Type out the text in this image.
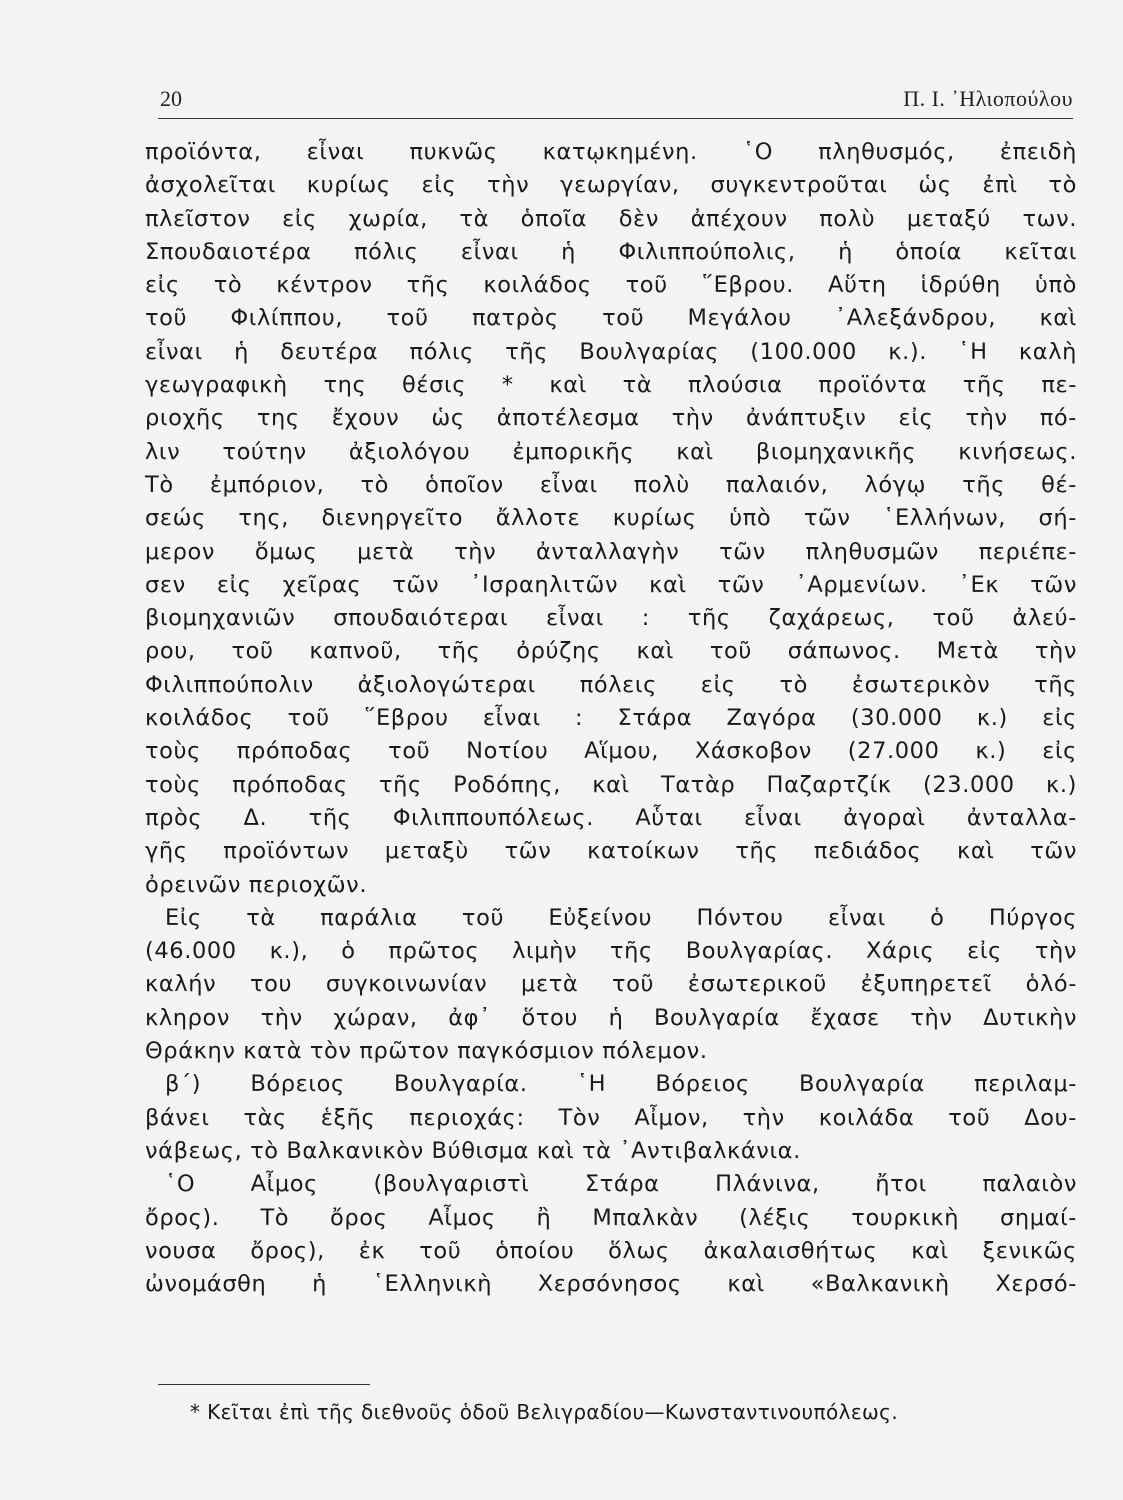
20	Π. Ι. ᾿Ηλιοπούλου
προϊόντα, εἶναι πυκνῶς κατῳκημένη. ῾Ο πληθυσμός, ἐπειδὴ
ἀσχολεῖται κυρίως εἰς τὴν γεωργίαν, συγκεντροῦται ὡς ἐπὶ τὸ
πλεῖστον εἰς χωρία, τὰ ὁποῖα δὲν ἀπέχουν πολὺ μεταξύ των.
Σπουδαιοτέρα πόλις εἶναι ἡ Φιλιππούπολις, ἡ ὁποία κεῖται
εἰς τὸ κέντρον τῆς κοιλάδος τοῦ ῞Εβρου. Αὕτη ἱδρύθη ὑπὸ
τοῦ Φιλίππου, τοῦ πατρὸς τοῦ Μεγάλου ᾿Αλεξάνδρου, καὶ
εἶναι ἡ δευτέρα πόλις τῆς Βουλγαρίας (100.000 κ.). ῾Η καλὴ
γεωγραφικὴ της θέσις * καὶ τὰ πλούσια προϊόντα τῆς πε-
ριοχῆς της ἔχουν ὡς ἀποτέλεσμα τὴν ἀνάπτυξιν εἰς τὴν πό-
λιν τούτην ἀξιολόγου ἐμπορικῆς καὶ βιομηχανικῆς κινήσεως.
Τὸ ἐμπόριον, τὸ ὁποῖον εἶναι πολὺ παλαιόν, λόγῳ τῆς θέ-
σεώς της, διενηργεῖτο ἄλλοτε κυρίως ὑπὸ τῶν ῾Ελλήνων, σή-
μερον ὅμως μετὰ τὴν ἀνταλλαγὴν τῶν πληθυσμῶν περιέπε-
σεν εἰς χεῖρας τῶν ᾿Ισραηλιτῶν καὶ τῶν ᾿Αρμενίων. ᾿Εκ τῶν
βιομηχανιῶν σπουδαιότεραι εἶναι : τῆς ζαχάρεως, τοῦ ἀλεύ-
ρου, τοῦ καπνοῦ, τῆς ὀρύζης καὶ τοῦ σάπωνος. Μετὰ τὴν
Φιλιππούπολιν ἀξιολογώτεραι πόλεις εἰς τὸ ἐσωτερικὸν τῆς
κοιλάδος τοῦ ῞Εβρου εἶναι : Στάρα Ζαγόρα (30.000 κ.) εἰς
τοὺς πρόποδας τοῦ Νοτίου Αἵμου, Χάσκοβον (27.000 κ.) εἰς
τοὺς πρόποδας τῆς Ροδόπης, καὶ Τατὰρ Παζαρτζίκ (23.000 κ.)
πρὸς Δ. τῆς Φιλιππουπόλεως. Αὗται εἶναι ἀγοραὶ ἀνταλλα-
γῆς προϊόντων μεταξὺ τῶν κατοίκων τῆς πεδιάδος καὶ τῶν
ὀρεινῶν περιοχῶν.
Εἰς τὰ παράλια τοῦ Εὐξείνου Πόντου εἶναι ὁ Πύργος
(46.000 κ.), ὁ πρῶτος λιμὴν τῆς Βουλγαρίας. Χάρις εἰς τὴν
καλήν του συγκοινωνίαν μετὰ τοῦ ἐσωτερικοῦ ἐξυπηρετεῖ ὁλό-
κληρον τὴν χώραν, ἀφ᾿ ὅτου ἡ Βουλγαρία ἔχασε τὴν Δυτικὴν
Θράκην κατὰ τὸν πρῶτον παγκόσμιον πόλεμον.
β΄) Βόρειος Βουλγαρία. ῾Η Βόρειος Βουλγαρία περιλαμ-
βάνει τὰς ἑξῆς περιοχάς: Τὸν Αἶμον, τὴν κοιλάδα τοῦ Δου-
νάβεως, τὸ Βαλκανικὸν Βύθισμα καὶ τὰ ᾿Αντιβαλκάνια.
῾Ο Αἶμος (βουλγαριστὶ Στάρα Πλάνινα, ἤτοι παλαιὸν
ὄρος). Τὸ ὄρος Αἶμος ἢ Μπαλκὰν (λέξις τουρκικὴ σημαί-
νουσα ὄρος), ἐκ τοῦ ὁποίου ὅλως ἀκαλαισθήτως καὶ ξενικῶς
ὠνομάσθη ἡ ῾Ελληνικὴ Χερσόνησος καὶ «Βαλκανικὴ Χερσό-
* Κεῖται ἐπὶ τῆς διεθνοῦς ὁδοῦ Βελιγραδίου—Κωνσταντινουπόλεως.
